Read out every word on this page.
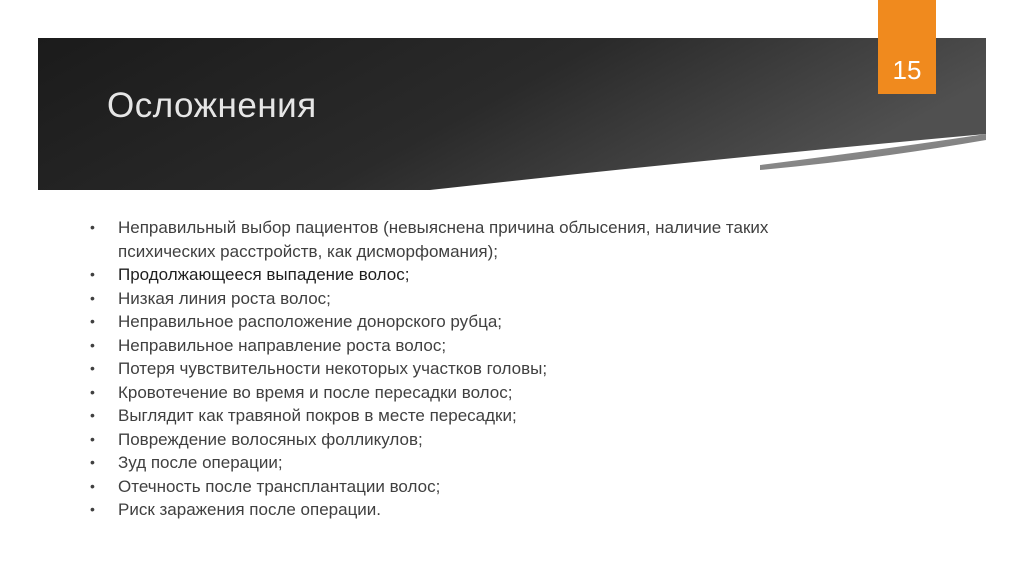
Осложнения
15
• Неправильный выбор пациентов (невыяснена причина облысения, наличие таких психических расстройств, как дисморфомания);
• Продолжающееся выпадение волос;
• Низкая линия роста волос;
• Неправильное расположение донорского рубца;
• Неправильное направление роста волос;
• Потеря чувствительности некоторых участков головы;
• Кровотечение во время и после пересадки волос;
• Выглядит как травяной покров в месте пересадки;
• Повреждение волосяных фолликулов;
• Зуд после операции;
• Отечность после трансплантации волос;
• Риск заражения после операции.
